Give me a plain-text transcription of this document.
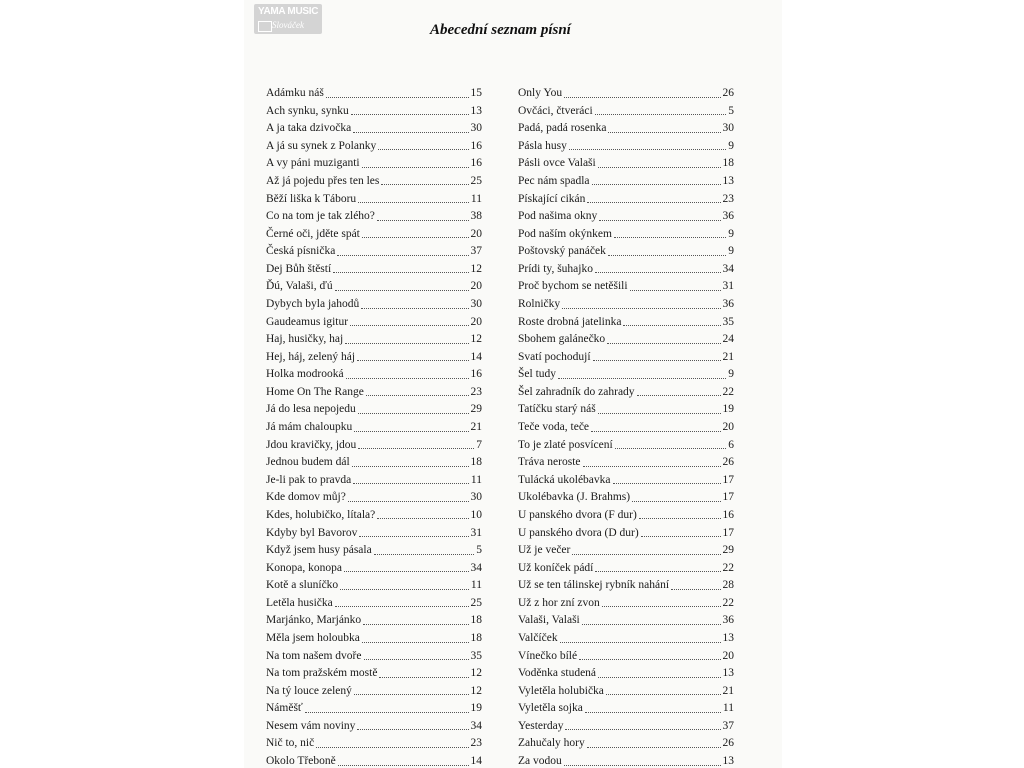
YAMA MUSIC
Slováček	Abecední seznam písní
Adámku náš	15
Ach synku, synku	13
A ja taka dzivočka	30
A já su synek z Polanky	16
A vy páni muziganti	16
Až já pojedu přes ten les	25
Běží liška k Táboru	11
Co na tom je tak zlého?	38
Černé oči, jděte spát	20
Česká písnička	37
Dej Bůh štěstí	12
Ďú, Valaši, ďú	20
Dybych byla jahodů	30
Gaudeamus igitur	20
Haj, husičky, haj	12
Hej, háj, zelený háj	14
Holka modrooká	16
Home On The Range	23
Já do lesa nepojedu	29
Já mám chaloupku	21
Jdou kravičky, jdou	7
Jednou budem dál	18
Je-li pak to pravda	11
Kde domov můj?	30
Kdes, holubičko, lítala?	10
Kdyby byl Bavorov	31
Když jsem husy pásala	5
Konopa, konopa	34
Kotě a sluníčko	11
Letěla husička	25
Marjánko, Marjánko	18
Měla jsem holoubka	18
Na tom našem dvoře	35
Na tom pražském mostě	12
Na tý louce zelený	12
Náměšť	19
Nesem vám noviny	34
Nič to, nič	23
Okolo Třeboně	14
Only You	26
Ovčáci, čtveráci	5
Padá, padá rosenka	30
Pásla husy	9
Pásli ovce Valaši	18
Pec nám spadla	13
Pískající cikán	23
Pod našima okny	36
Pod naším okýnkem	9
Poštovský panáček	9
Prídi ty, šuhajko	34
Proč bychom se netěšili	31
Rolničky	36
Roste drobná jatelinka	35
Sbohem galánečko	24
Svatí pochodují	21
Šel tudy	9
Šel zahradník do zahrady	22
Tatíčku starý náš	19
Teče voda, teče	20
To je zlaté posvícení	6
Tráva neroste	26
Tulácká ukolébavka	17
Ukolébavka (J. Brahms)	17
U panského dvora (F dur)	16
U panského dvora (D dur)	17
Už je večer	29
Už koníček pádí	22
Už se ten tálinskej rybník nahání	28
Už z hor zní zvon	22
Valaši, Valaši	36
Valčíček	13
Vínečko bílé	20
Voděnka studená	13
Vyletěla holubička	21
Vyletěla sojka	11
Yesterday	37
Zahučaly hory	26
Za vodou	13
